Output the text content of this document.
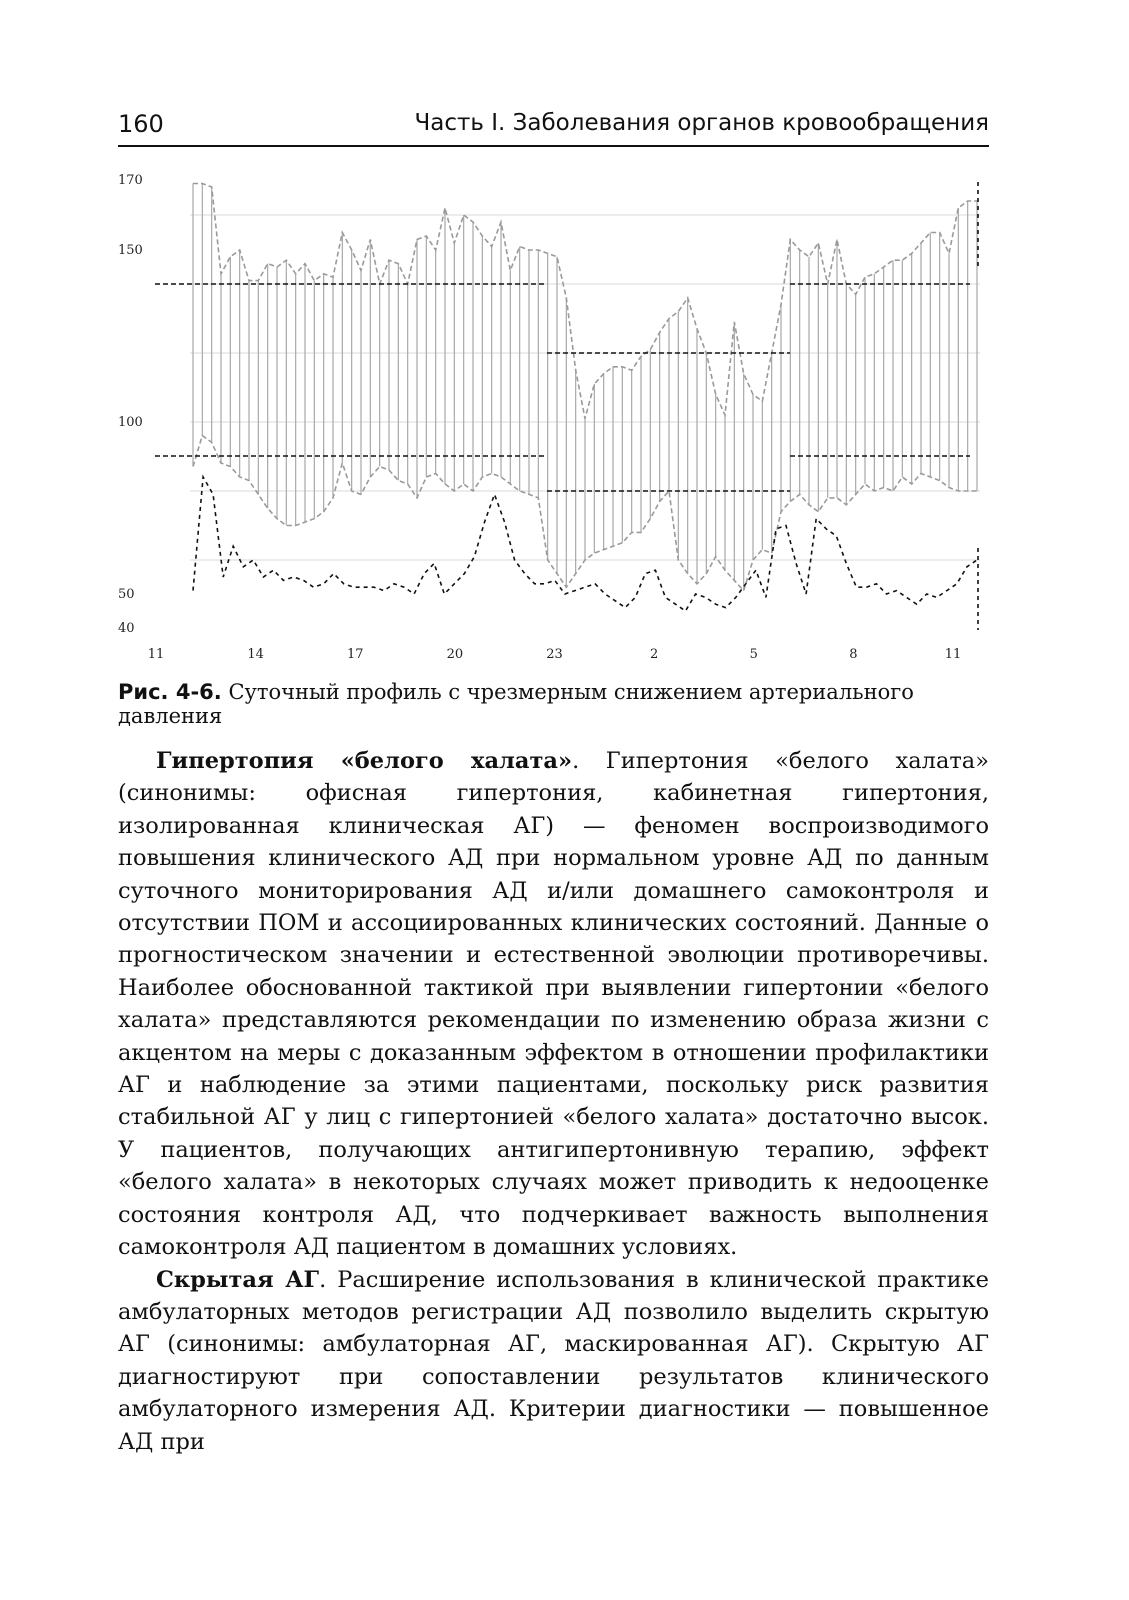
160	Часть I. Заболевания органов кровообращения
170
150
100
50
40
11	14	17	20	23	2	5	8	11
Рис. 4-6. Суточный профиль с чрезмерным снижением артериального давления

Гипертопия «белого халата». Гипертония «белого халата» (синонимы: офисная гипертония, кабинетная гипертония, изолированная клиническая АГ) — феномен воспроизводимого повышения клинического АД при нормальном уровне АД по данным суточного мониторирования АД и/или домашнего самоконтроля и отсутствии ПОМ и ассоциированных клинических состояний. Данные о прогностическом значении и естественной эволюции противоречивы. Наиболее обоснованной тактикой при выявлении гипертонии «белого халата» представляются рекомендации по изменению образа жизни с акцентом на меры с доказанным эффектом в отношении профилактики АГ и наблюдение за этими пациентами, поскольку риск развития стабильной АГ у лиц с гипертонией «белого халата» достаточно высок. У пациентов, получающих антигипертонивную терапию, эффект «белого халата» в некоторых случаях может приводить к недооценке состояния контроля АД, что подчеркивает важность выполнения самоконтроля АД пациентом в домашних условиях.

Скрытая АГ. Расширение использования в клинической практике амбулаторных методов регистрации АД позволило выделить скрытую АГ (синонимы: амбулаторная АГ, маскированная АГ). Скрытую АГ диагностируют при сопоставлении результатов клинического амбулаторного измерения АД. Критерии диагностики — повышенное АД при
